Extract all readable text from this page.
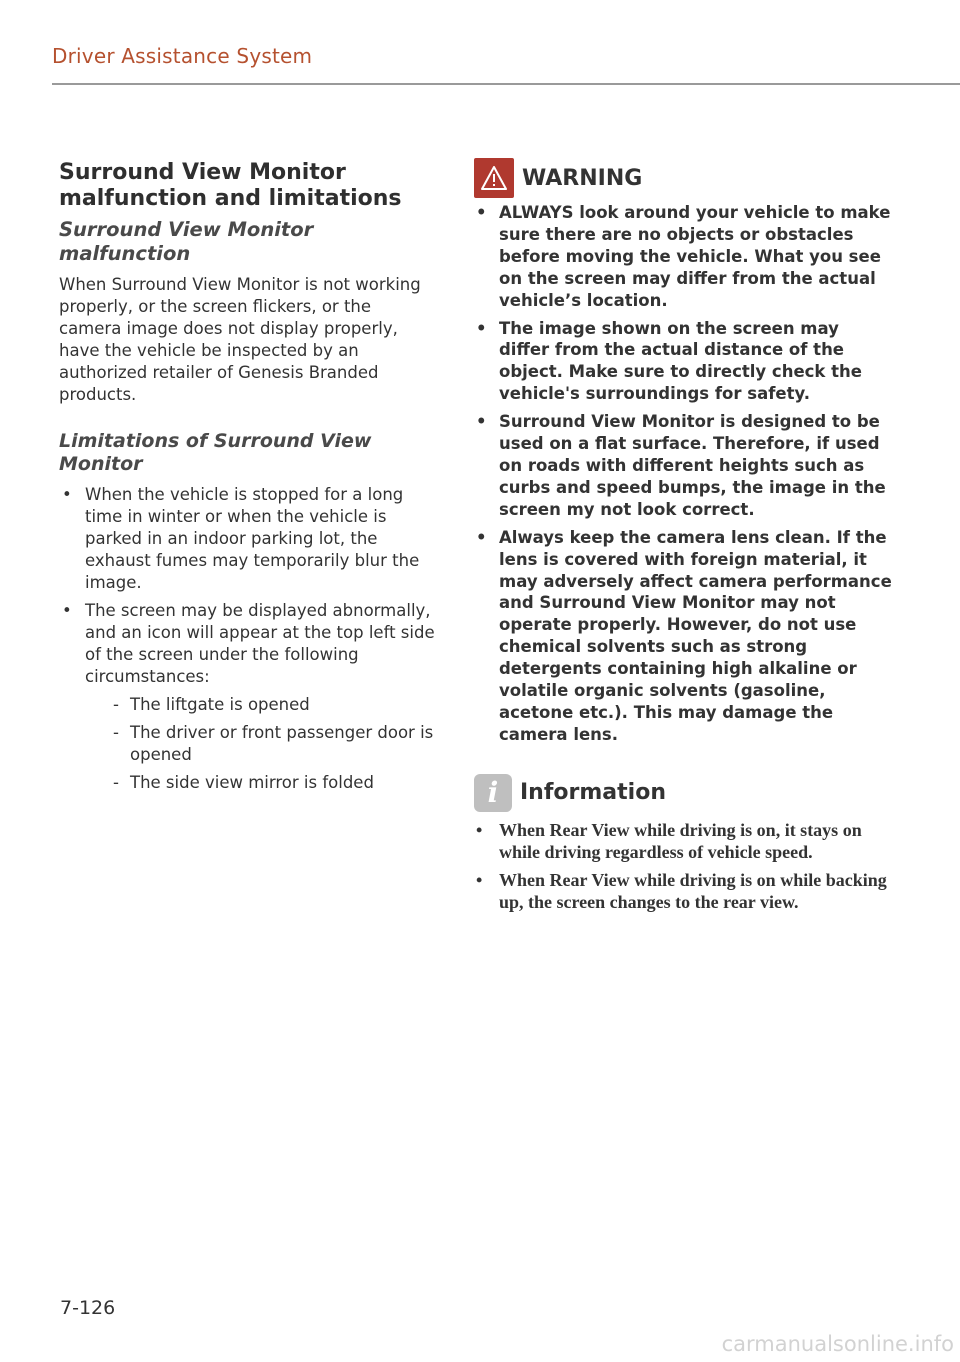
Driver Assistance System
Surround View Monitor malfunction and limitations
Surround View Monitor malfunction

When Surround View Monitor is not working properly, or the screen flickers, or the camera image does not display properly, have the vehicle be inspected by an authorized retailer of Genesis Branded products.

Limitations of Surround View Monitor
• When the vehicle is stopped for a long time in winter or when the vehicle is parked in an indoor parking lot, the exhaust fumes may temporarily blur the image.
• The screen may be displayed abnormally, and an icon will appear at the top left side of the screen under the following circumstances:
- The liftgate is opened
- The driver or front passenger door is opened
- The side view mirror is folded
WARNING
• ALWAYS look around your vehicle to make sure there are no objects or obstacles before moving the vehicle. What you see on the screen may differ from the actual vehicle’s location.
• The image shown on the screen may differ from the actual distance of the object. Make sure to directly check the vehicle's surroundings for safety.
• Surround View Monitor is designed to be used on a flat surface. Therefore, if used on roads with different heights such as curbs and speed bumps, the image in the screen my not look correct.
• Always keep the camera lens clean. If the lens is covered with foreign material, it may adversely affect camera performance and Surround View Monitor may not operate properly. However, do not use chemical solvents such as strong detergents containing high alkaline or volatile organic solvents (gasoline, acetone etc.). This may damage the camera lens.
i Information
• When Rear View while driving is on, it stays on while driving regardless of vehicle speed.
• When Rear View while driving is on while backing up, the screen changes to the rear view.
7-126
carmanualsonline.info
